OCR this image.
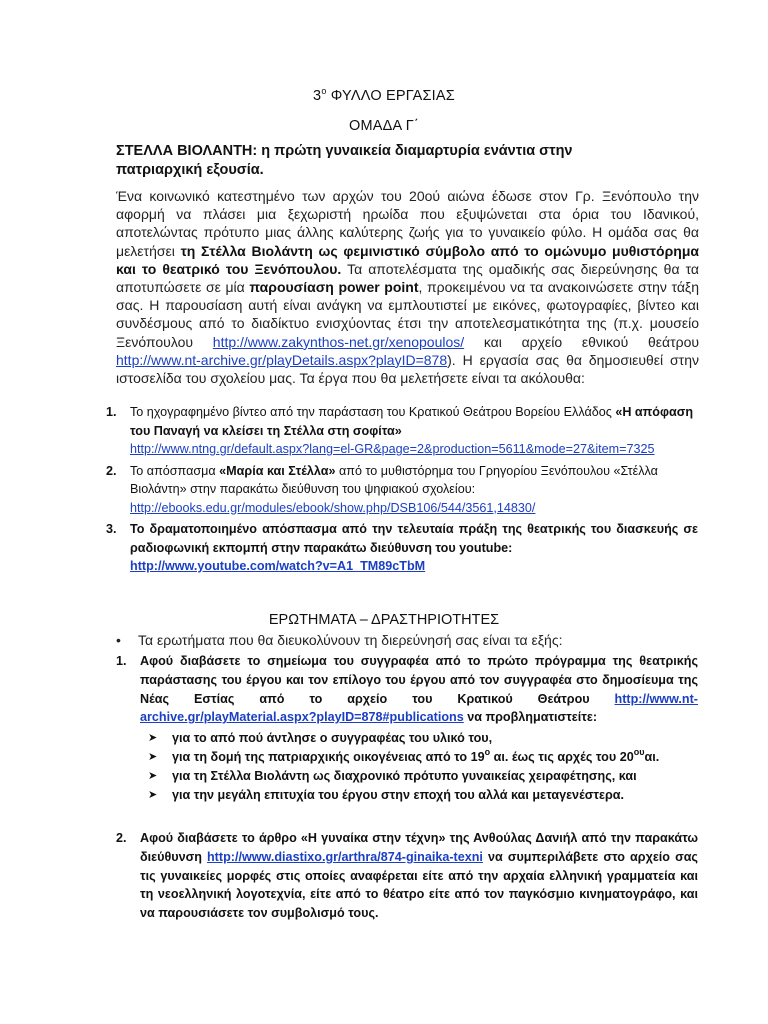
$3^o$ ΦΥΛΛΟ ΕΡΓΑΣΙΑΣ
ΟΜΑΔΑ Γ΄
ΣΤΕΛΛΑ ΒΙΟΛΑΝΤΗ: η πρώτη γυναικεία διαμαρτυρία ενάντια στην πατριαρχική εξουσία.
Ένα κοινωνικό κατεστημένο των αρχών του 20ού αιώνα έδωσε στον Γρ. Ξενόπουλο την αφορμή να πλάσει μια ξεχωριστή ηρωίδα που εξυψώνεται στα όρια του Ιδανικού, αποτελώντας πρότυπο μιας άλλης καλύτερης ζωής για το γυναικείο φύλο. Η ομάδα σας θα μελετήσει τη Στέλλα Βιολάντη ως φεμινιστικό σύμβολο από το ομώνυμο μυθιστόρημα και το θεατρικό του Ξενόπουλου. Τα αποτελέσματα της ομαδικής σας διερεύνησης θα τα αποτυπώσετε σε μία παρουσίαση power point, προκειμένου να τα ανακοινώσετε στην τάξη σας. Η παρουσίαση αυτή είναι ανάγκη να εμπλουτιστεί με εικόνες, φωτογραφίες, βίντεο και συνδέσμους από το διαδίκτυο ενισχύοντας έτσι την αποτελεσματικότητα της (π.χ. μουσείο Ξενόπουλου http://www.zakynthos-net.gr/xenopoulos/ και αρχείο εθνικού θεάτρου http://www.nt-archive.gr/playDetails.aspx?playID=878). Η εργασία σας θα δημοσιευθεί στην ιστοσελίδα του σχολείου μας. Τα έργα που θα μελετήσετε είναι τα ακόλουθα:
1. Το ηχογραφημένο βίντεο από την παράσταση του Κρατικού Θεάτρου Βορείου Ελλάδος «Η απόφαση του Παναγή να κλείσει τη Στέλλα στη σοφίτα»
http://www.ntng.gr/default.aspx?lang=el-GR&page=2&production=5611&mode=27&item=7325
2. Το απόσπασμα «Μαρία και Στέλλα» από το μυθιστόρημα του Γρηγορίου Ξενόπουλου «Στέλλα Βιολάντη» στην παρακάτω διεύθυνση του ψηφιακού σχολείου:
http://ebooks.edu.gr/modules/ebook/show.php/DSB106/544/3561,14830/
3. Το δραματοποιημένο απόσπασμα από την τελευταία πράξη της θεατρικής του διασκευής σε ραδιοφωνική εκπομπή στην παρακάτω διεύθυνση του youtube:
http://www.youtube.com/watch?v=A1_TM89cTbM
ΕΡΩΤΗΜΑΤΑ – ΔΡΑΣΤΗΡΙΟΤΗΤΕΣ
• Τα ερωτήματα που θα διευκολύνουν τη διερεύνησή σας είναι τα εξής:
1. Αφού διαβάσετε το σημείωμα του συγγραφέα από το πρώτο πρόγραμμα της θεατρικής παράστασης του έργου και τον επίλογο του έργου από τον συγγραφέα στο δημοσίευμα της Νέας Εστίας από το αρχείο του Κρατικού Θεάτρου http://www.nt-archive.gr/playMaterial.aspx?playID=878#publications να προβληματιστείτε:
➤ για το από πού άντλησε ο συγγραφέας του υλικό του,
➤ για τη δομή της πατριαρχικής οικογένειας από το $19^o$ αι. έως τις αρχές του $20^{o\upsilon}\alpha\iota$.
➤ για τη Στέλλα Βιολάντη ως διαχρονικό πρότυπο γυναικείας χειραφέτησης, και
➤ για την μεγάλη επιτυχία του έργου στην εποχή του αλλά και μεταγενέστερα.
2. Αφού διαβάσετε το άρθρο «Η γυναίκα στην τέχνη» της Ανθούλας Δανιήλ από την παρακάτω διεύθυνση http://www.diastixo.gr/arthra/874-ginaika-texni να συμπεριλάβετε στο αρχείο σας τις γυναικείες μορφές στις οποίες αναφέρεται είτε από την αρχαία ελληνική γραμματεία και τη νεοελληνική λογοτεχνία, είτε από το θέατρο είτε από τον παγκόσμιο κινηματογράφο, και να παρουσιάσετε τον συμβολισμό τους.
